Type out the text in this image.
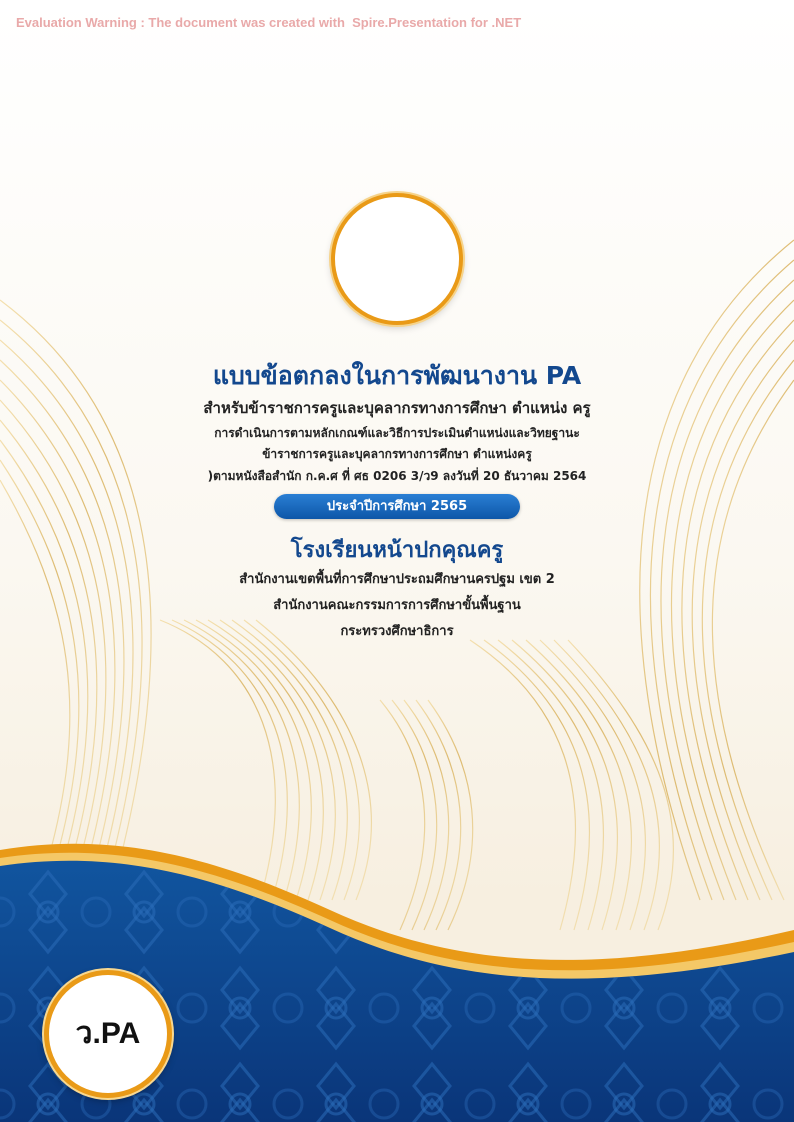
Evaluation Warning : The document was created with  Spire.Presentation for .NET
แบบข้อตกลงในการพัฒนางาน PA
สำหรับข้าราชการครูและบุคลากรทางการศึกษา ตำแหน่ง ครู
การดำเนินการตามหลักเกณฑ์และวิธีการประเมินตำแหน่งและวิทยฐานะ
ข้าราชการครูและบุคลากรทางการศึกษา ตำแหน่งครู
)ตามหนังสือสำนัก ก.ค.ศ ที่ ศธ 0206 3/ว9 ลงวันที่ 20 ธันวาคม 2564
ประจำปีการศึกษา 2565
โรงเรียนหน้าปกคุณครู
สำนักงานเขตพื้นที่การศึกษาประถมศึกษานครปฐม เขต 2
สำนักงานคณะกรรมการการศึกษาขั้นพื้นฐาน
กระทรวงศึกษาธิการ
ว.PA
